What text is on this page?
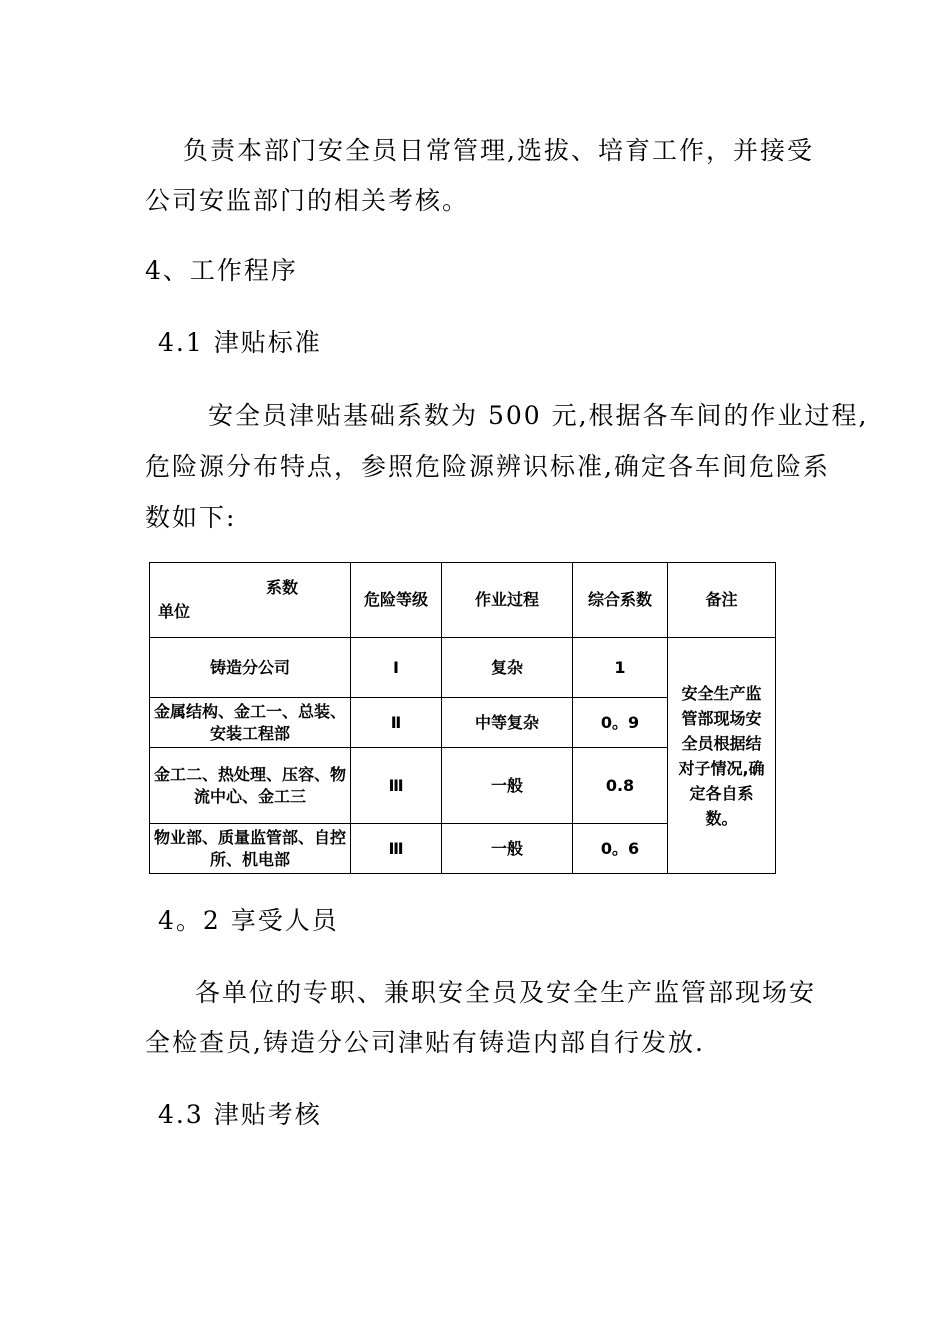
负责本部门安全员日常管理,选拔、培育工作，并接受
公司安监部门的相关考核。
4、工作程序
4.1 津贴标准
安全员津贴基础系数为 500 元,根据各车间的作业过程,
危险源分布特点，参照危险源辨识标准,确定各车间危险系
数如下:
系数
单位	危险等级	作业过程	综合系数	备注
铸造分公司	I	复杂	1	安全生产监管部现场安全员根据结对子情况,确定各自系数。
金属结构、金工一、总装、安装工程部	Ⅱ	中等复杂	0。9	
金工二、热处理、压容、物流中心、金工三	Ⅲ	一般	0.8	
物业部、质量监管部、自控所、机电部	Ⅲ	一般	0。6	
4。2 享受人员
各单位的专职、兼职安全员及安全生产监管部现场安
全检查员,铸造分公司津贴有铸造内部自行发放.
4.3 津贴考核
